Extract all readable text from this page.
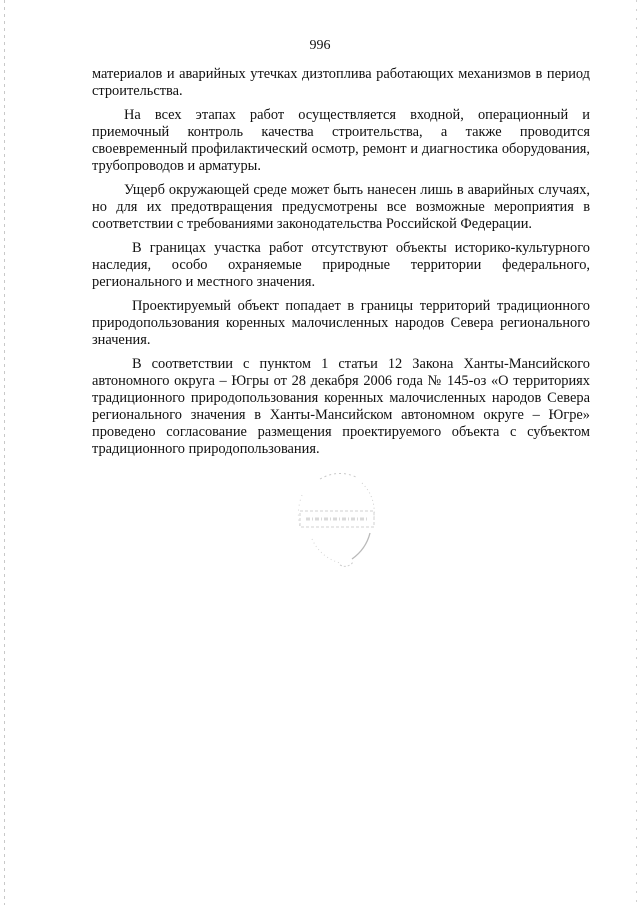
996

материалов и аварийных утечках дизтоплива работающих механизмов в период строительства.

На всех этапах работ осуществляется входной, операционный и приемочный контроль качества строительства, а также проводится своевременный профилактический осмотр, ремонт и диагностика оборудования, трубопроводов и арматуры.

Ущерб окружающей среде может быть нанесен лишь в аварийных случаях, но для их предотвращения предусмотрены все возможные мероприятия в соответствии с требованиями законодательства Российской Федерации.

В границах участка работ отсутствуют объекты историко-культурного наследия, особо охраняемые природные территории федерального, регионального и местного значения.

Проектируемый объект попадает в границы территорий традиционного природопользования коренных малочисленных народов Севера регионального значения.

В соответствии с пунктом 1 статьи 12 Закона Ханты-Мансийского автономного округа – Югры от 28 декабря 2006 года № 145-оз «О территориях традиционного природопользования коренных малочисленных народов Севера регионального значения в Ханты-Мансийском автономном округе – Югре» проведено согласование размещения проектируемого объекта с субъектом традиционного природопользования.
